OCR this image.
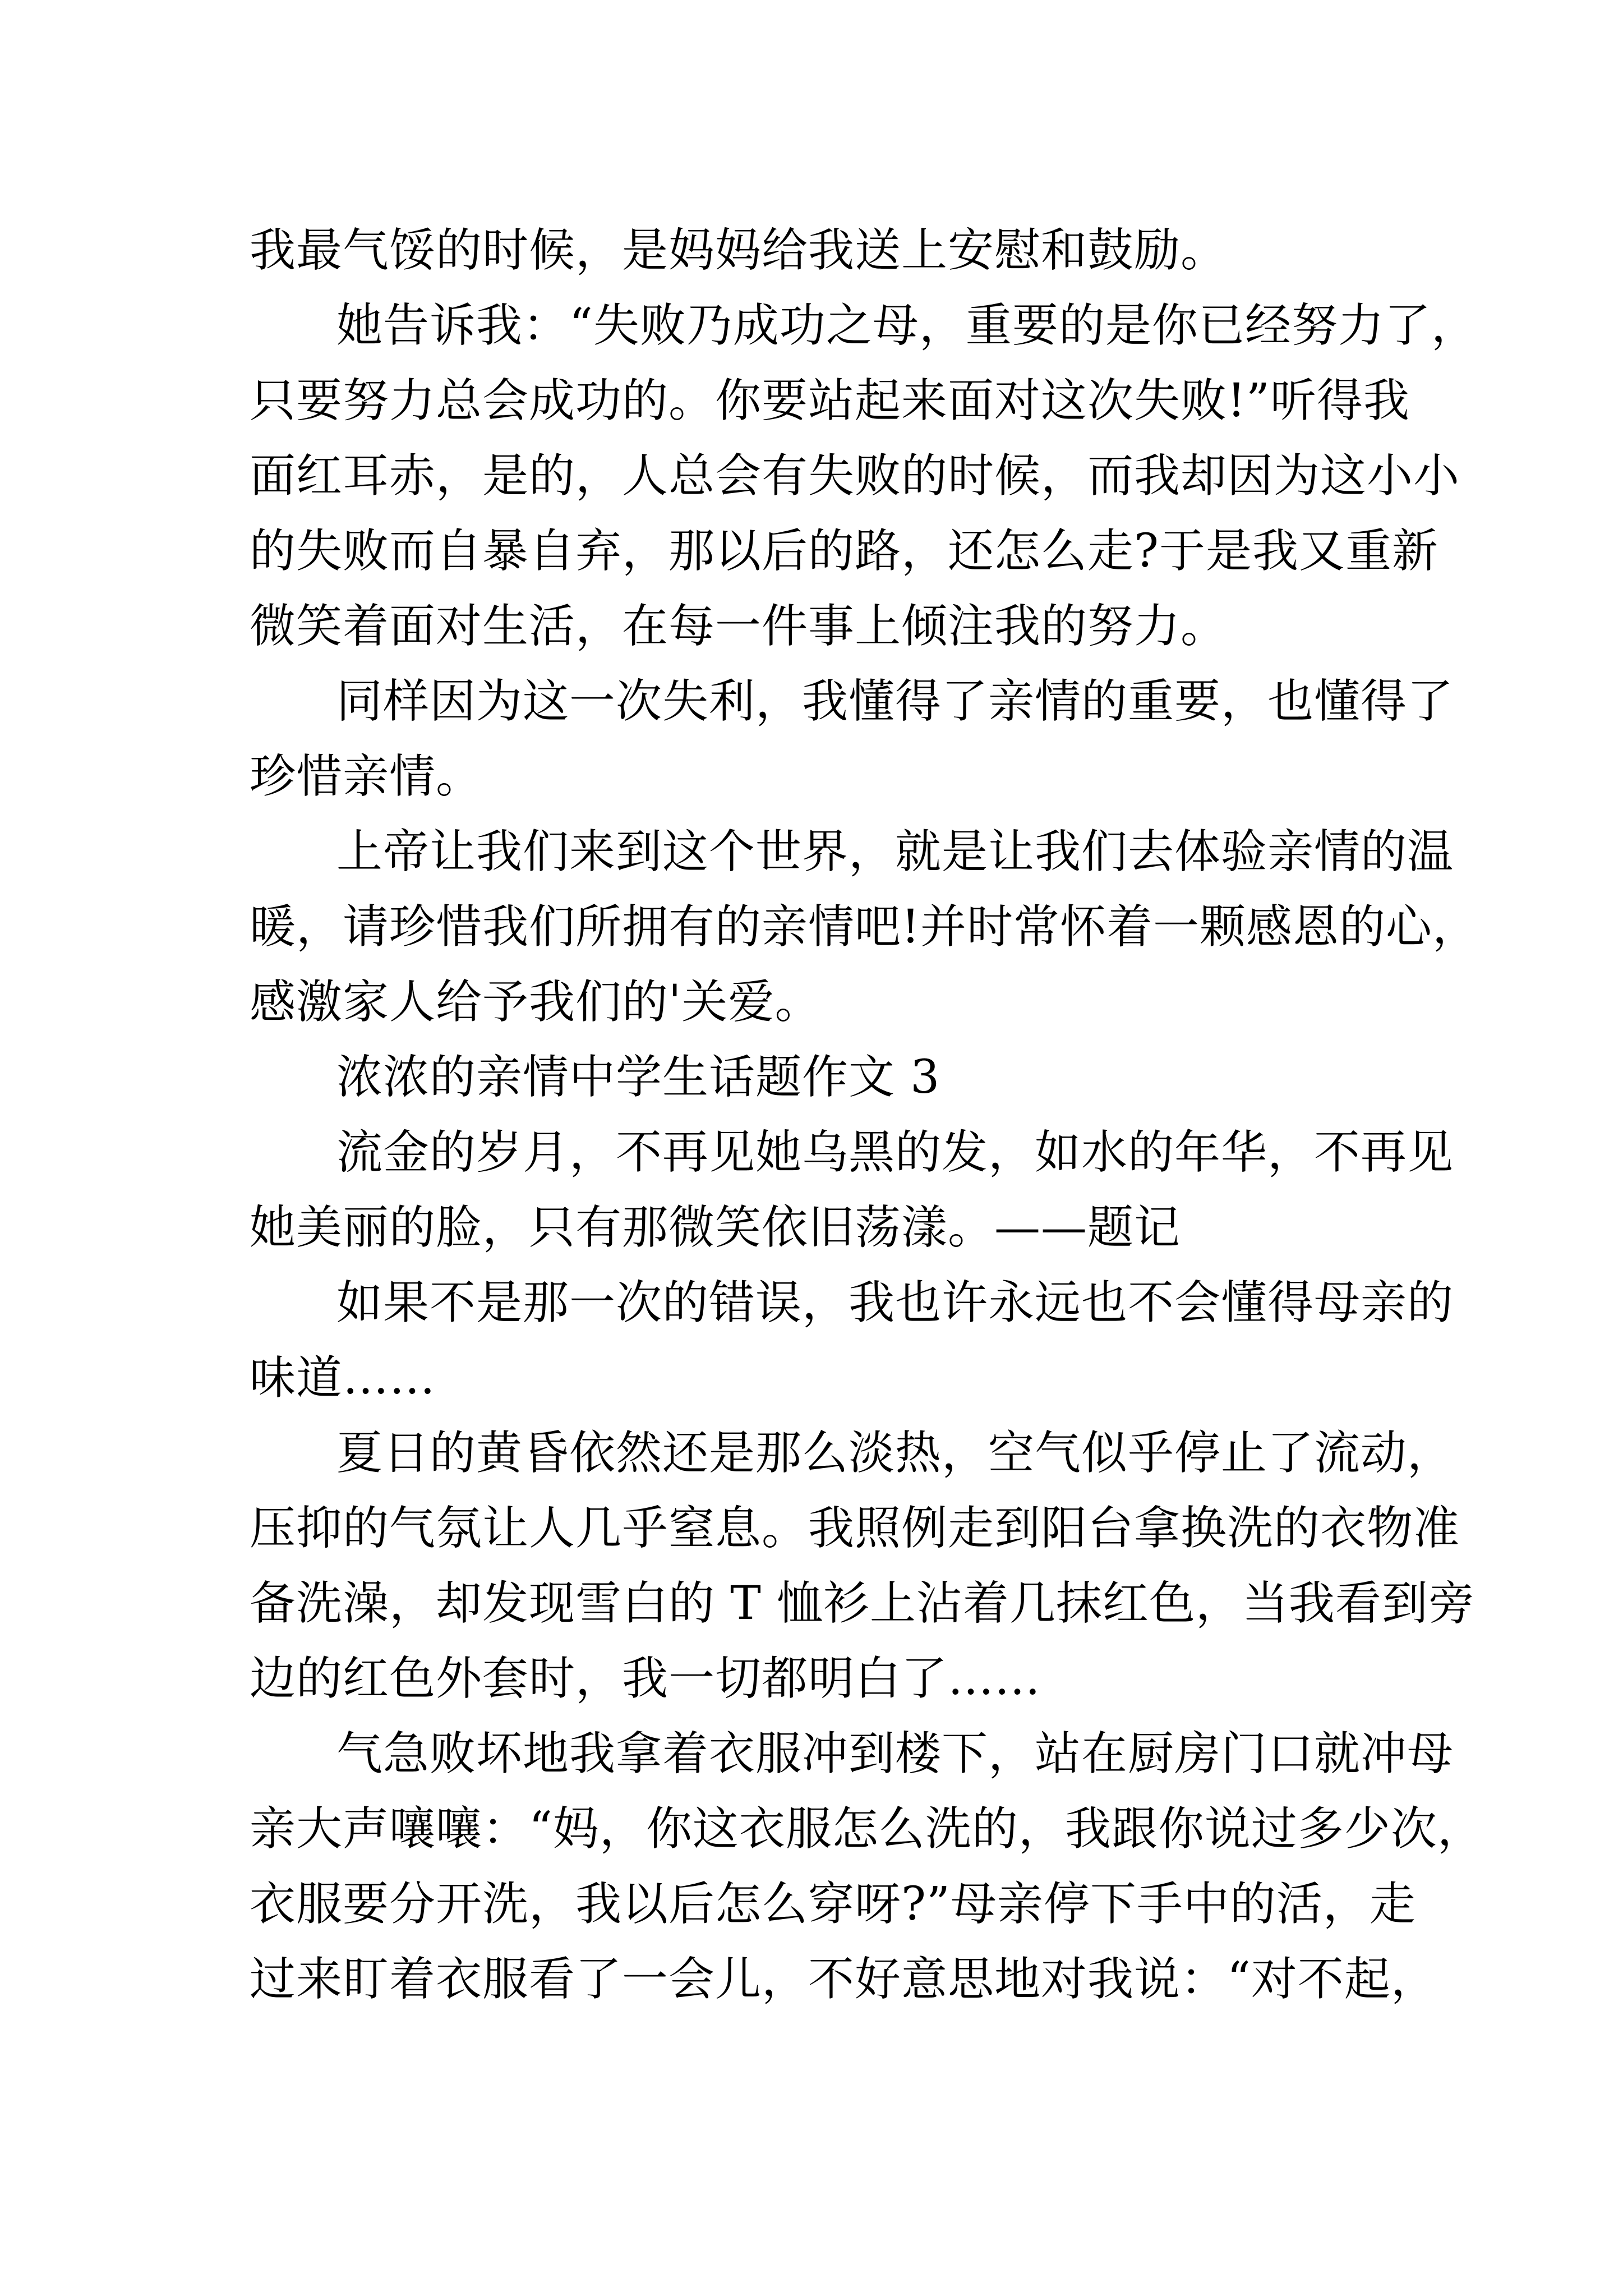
我最气馁的时候，是妈妈给我送上安慰和鼓励。
她告诉我：“失败乃成功之母，重要的是你已经努力了，
只要努力总会成功的。你要站起来面对这次失败!”听得我
面红耳赤，是的，人总会有失败的时候，而我却因为这小小
的失败而自暴自弃，那以后的路，还怎么走?于是我又重新
微笑着面对生活，在每一件事上倾注我的努力。
同样因为这一次失利，我懂得了亲情的重要，也懂得了
珍惜亲情。
上帝让我们来到这个世界，就是让我们去体验亲情的温
暖，请珍惜我们所拥有的亲情吧!并时常怀着一颗感恩的心，
感激家人给予我们的'关爱。
浓浓的亲情中学生话题作文 3
流金的岁月，不再见她乌黑的发，如水的年华，不再见
她美丽的脸，只有那微笑依旧荡漾。——题记
如果不是那一次的错误，我也许永远也不会懂得母亲的
味道……
夏日的黄昏依然还是那么淡热，空气似乎停止了流动，
压抑的气氛让人几乎窒息。我照例走到阳台拿换洗的衣物准
备洗澡，却发现雪白的 T 恤衫上沾着几抹红色，当我看到旁
边的红色外套时，我一切都明白了……
气急败坏地我拿着衣服冲到楼下，站在厨房门口就冲母
亲大声嚷嚷：“妈，你这衣服怎么洗的，我跟你说过多少次，
衣服要分开洗，我以后怎么穿呀?”母亲停下手中的活，走
过来盯着衣服看了一会儿，不好意思地对我说：“对不起，
